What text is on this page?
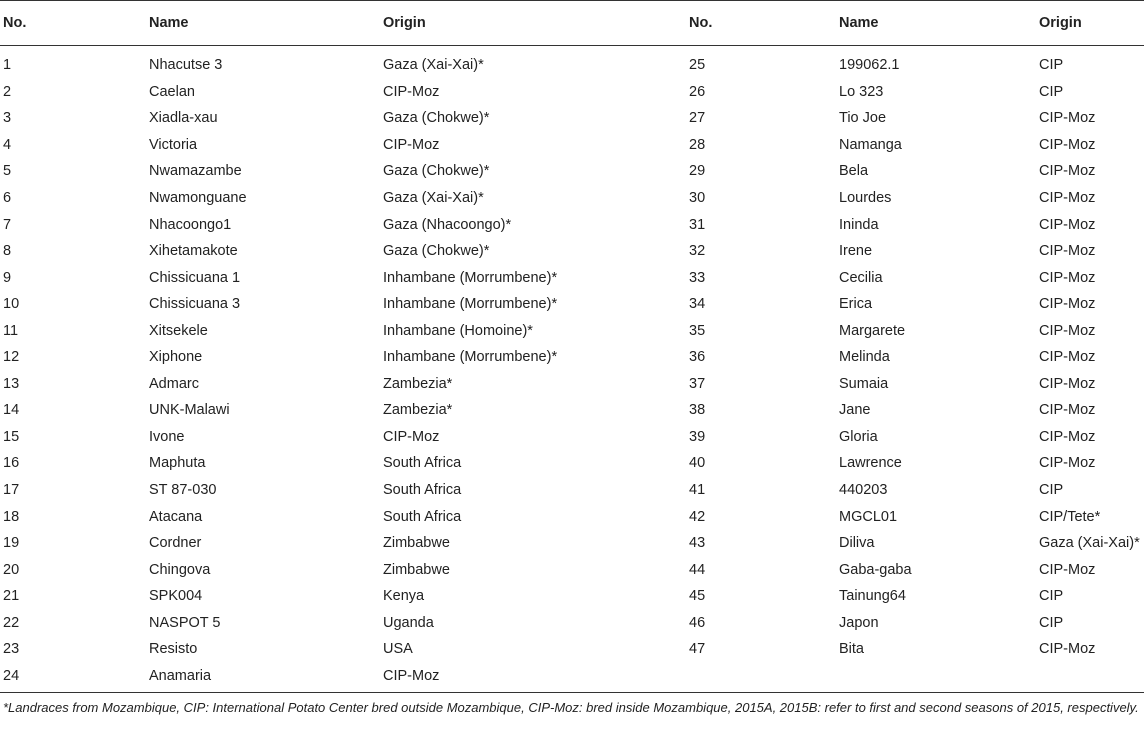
No.	Name	Origin	No.	Name	Origin
1	Nhacutse 3	Gaza (Xai-Xai)*	25	199062.1	CIP
2	Caelan	CIP-Moz	26	Lo 323	CIP
3	Xiadla-xau	Gaza (Chokwe)*	27	Tio Joe	CIP-Moz
4	Victoria	CIP-Moz	28	Namanga	CIP-Moz
5	Nwamazambe	Gaza (Chokwe)*	29	Bela	CIP-Moz
6	Nwamonguane	Gaza (Xai-Xai)*	30	Lourdes	CIP-Moz
7	Nhacoongo1	Gaza (Nhacoongo)*	31	Ininda	CIP-Moz
8	Xihetamakote	Gaza (Chokwe)*	32	Irene	CIP-Moz
9	Chissicuana 1	Inhambane (Morrumbene)*	33	Cecilia	CIP-Moz
10	Chissicuana 3	Inhambane (Morrumbene)*	34	Erica	CIP-Moz
11	Xitsekele	Inhambane (Homoine)*	35	Margarete	CIP-Moz
12	Xiphone	Inhambane (Morrumbene)*	36	Melinda	CIP-Moz
13	Admarc	Zambezia*	37	Sumaia	CIP-Moz
14	UNK-Malawi	Zambezia*	38	Jane	CIP-Moz
15	Ivone	CIP-Moz	39	Gloria	CIP-Moz
16	Maphuta	South Africa	40	Lawrence	CIP-Moz
17	ST 87-030	South Africa	41	440203	CIP
18	Atacana	South Africa	42	MGCL01	CIP/Tete*
19	Cordner	Zimbabwe	43	Diliva	Gaza (Xai-Xai)*
20	Chingova	Zimbabwe	44	Gaba-gaba	CIP-Moz
21	SPK004	Kenya	45	Tainung64	CIP
22	NASPOT 5	Uganda	46	Japon	CIP
23	Resisto	USA	47	Bita	CIP-Moz
24	Anamaria	CIP-Moz			
*Landraces from Mozambique, CIP: International Potato Center bred outside Mozambique, CIP-Moz: bred inside Mozambique, 2015A, 2015B: refer to first and second seasons of 2015, respectively.
